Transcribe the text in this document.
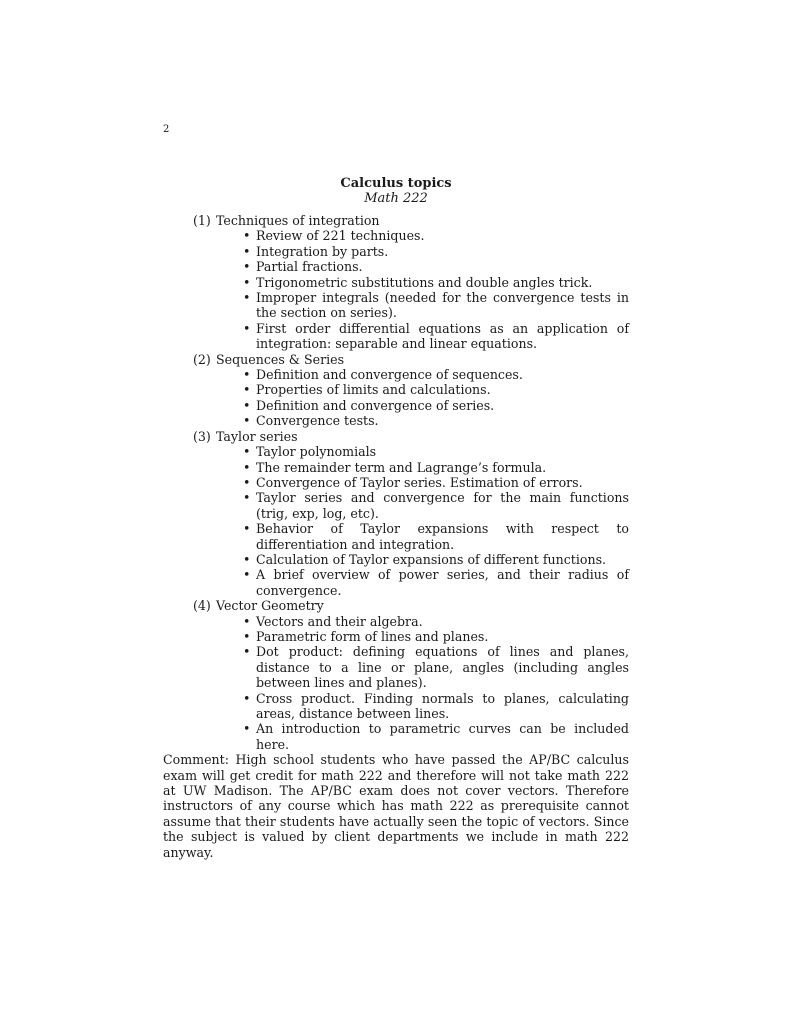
2
Calculus topics
Math 222
(1) Techniques of integration
• Review of 221 techniques.
• Integration by parts.
• Partial fractions.
• Trigonometric substitutions and double angles trick.
• Improper integrals (needed for the convergence tests in the section on series).
• First order differential equations as an application of integration: separable and linear equations.
(2) Sequences & Series
• Definition and convergence of sequences.
• Properties of limits and calculations.
• Definition and convergence of series.
• Convergence tests.
(3) Taylor series
• Taylor polynomials
• The remainder term and Lagrange’s formula.
• Convergence of Taylor series. Estimation of errors.
• Taylor series and convergence for the main functions (trig, exp, log, etc).
• Behavior of Taylor expansions with respect to differentiation and integration.
• Calculation of Taylor expansions of different functions.
• A brief overview of power series, and their radius of convergence.
(4) Vector Geometry
• Vectors and their algebra.
• Parametric form of lines and planes.
• Dot product: defining equations of lines and planes, distance to a line or plane, angles (including angles between lines and planes).
• Cross product. Finding normals to planes, calculating areas, distance between lines.
• An introduction to parametric curves can be included here.

Comment: High school students who have passed the AP/BC calculus exam will get credit for math 222 and therefore will not take math 222 at UW Madison. The AP/BC exam does not cover vectors. Therefore instructors of any course which has math 222 as prerequisite cannot assume that their students have actually seen the topic of vectors. Since the subject is valued by client departments we include in math 222 anyway.
